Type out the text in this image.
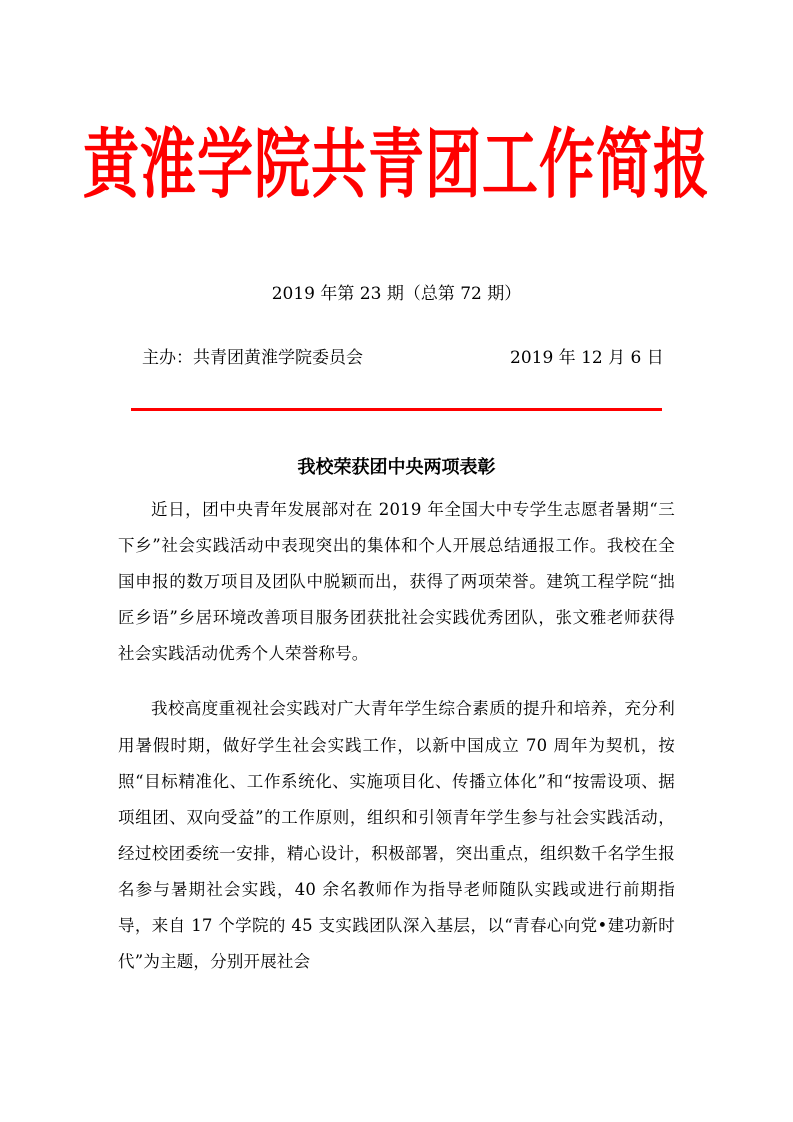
黄淮学院共青团工作简报
2019 年第 23 期（总第 72 期）
主办：共青团黄淮学院委员会	2019 年 12 月 6 日
我校荣获团中央两项表彰

近日，团中央青年发展部对在 2019 年全国大中专学生志愿者暑期“三下乡”社会实践活动中表现突出的集体和个人开展总结通报工作。我校在全国申报的数万项目及团队中脱颖而出，获得了两项荣誉。建筑工程学院“拙匠乡语”乡居环境改善项目服务团获批社会实践优秀团队，张文雅老师获得社会实践活动优秀个人荣誉称号。

我校高度重视社会实践对广大青年学生综合素质的提升和培养，充分利用暑假时期，做好学生社会实践工作，以新中国成立 70 周年为契机，按照“目标精准化、工作系统化、实施项目化、传播立体化”和“按需设项、据项组团、双向受益”的工作原则，组织和引领青年学生参与社会实践活动，经过校团委统一安排，精心设计，积极部署，突出重点，组织数千名学生报名参与暑期社会实践，40 余名教师作为指导老师随队实践或进行前期指导，来自 17 个学院的 45 支实践团队深入基层，以“青春心向党•建功新时代”为主题，分别开展社会
